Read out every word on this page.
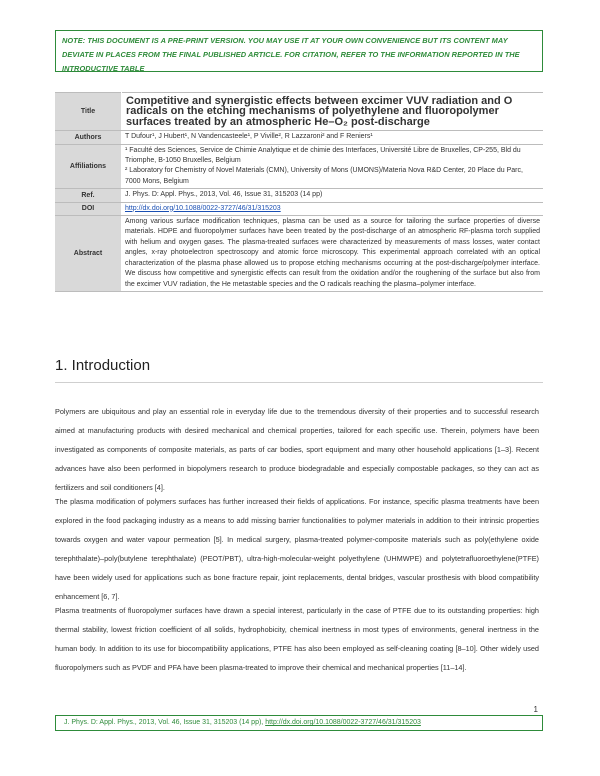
NOTE: THIS DOCUMENT IS A PRE-PRINT VERSION. YOU MAY USE IT AT YOUR OWN CONVENIENCE BUT ITS CONTENT MAY DEVIATE IN PLACES FROM THE FINAL PUBLISHED ARTICLE. FOR CITATION, REFER TO THE INFORMATION REPORTED IN THE INTRODUCTIVE TABLE
Title	Competitive and synergistic effects between excimer VUV radiation and O radicals on the etching mechanisms of polyethylene and fluoropolymer surfaces treated by an atmospheric He–O₂ post-discharge
Authors	T Dufour¹, J Hubert¹, N Vandencasteele¹, P Viville², R Lazzaroni² and F Reniers¹
Affiliations	¹ Faculté des Sciences, Service de Chimie Analytique et de chimie des Interfaces, Université Libre de Bruxelles, CP-255, Bld du Triomphe, B-1050 Bruxelles, Belgium
² Laboratory for Chemistry of Novel Materials (CMN), University of Mons (UMONS)/Materia Nova R&D Center, 20 Place du Parc, 7000 Mons, Belgium

Ref.	J. Phys. D: Appl. Phys., 2013, Vol. 46, Issue 31, 315203 (14 pp)
DOI	http://dx.doi.org/10.1088/0022-3727/46/31/315203
Abstract	Among various surface modification techniques, plasma can be used as a source for tailoring the surface properties of diverse materials. HDPE and fluoropolymer surfaces have been treated by the post-discharge of an atmospheric RF-plasma torch supplied with helium and oxygen gases. The plasma-treated surfaces were characterized by measurements of mass losses, water contact angles, x-ray photoelectron spectroscopy and atomic force microscopy. This experimental approach correlated with an optical characterization of the plasma phase allowed us to propose etching mechanisms occurring at the post-discharge/polymer interface. We discuss how competitive and synergistic effects can result from the oxidation and/or the roughening of the surface but also from the excimer VUV radiation, the He metastable species and the O radicals reaching the plasma–polymer interface.
1. Introduction

Polymers are ubiquitous and play an essential role in everyday life due to the tremendous diversity of their properties and to successful research aimed at manufacturing products with desired mechanical and chemical properties, tailored for each specific use. Therein, polymers have been investigated as components of composite materials, as parts of car bodies, sport equipment and many other household applications [1–3]. Recent advances have also been performed in biopolymers research to produce biodegradable and especially compostable packages, so they can act as fertilizers and soil conditioners [4].

The plasma modification of polymers surfaces has further increased their fields of applications. For instance, specific plasma treatments have been explored in the food packaging industry as a means to add missing barrier functionalities to polymer materials in addition to their intrinsic properties towards oxygen and water vapour permeation [5]. In medical surgery, plasma-treated polymer-composite materials such as poly(ethylene oxide terephthalate)–poly(butylene terephthalate) (PEOT/PBT), ultra-high-molecular-weight polyethylene (UHMWPE) and polytetrafluoroethylene(PTFE) have been widely used for applications such as bone fracture repair, joint replacements, dental bridges, vascular prosthesis with blood compatibility enhancement [6, 7].

Plasma treatments of fluoropolymer surfaces have drawn a special interest, particularly in the case of PTFE due to its outstanding properties: high thermal stability, lowest friction coefficient of all solids, hydrophobicity, chemical inertness in most types of environments, general inertness in the human body. In addition to its use for biocompatibility applications, PTFE has also been employed as self-cleaning coating [8–10]. Other widely used fluoropolymers such as PVDF and PFA have been plasma-treated to improve their chemical and mechanical properties [11–14].

1
J. Phys. D: Appl. Phys., 2013, Vol. 46, Issue 31, 315203 (14 pp), http://dx.doi.org/10.1088/0022-3727/46/31/315203
